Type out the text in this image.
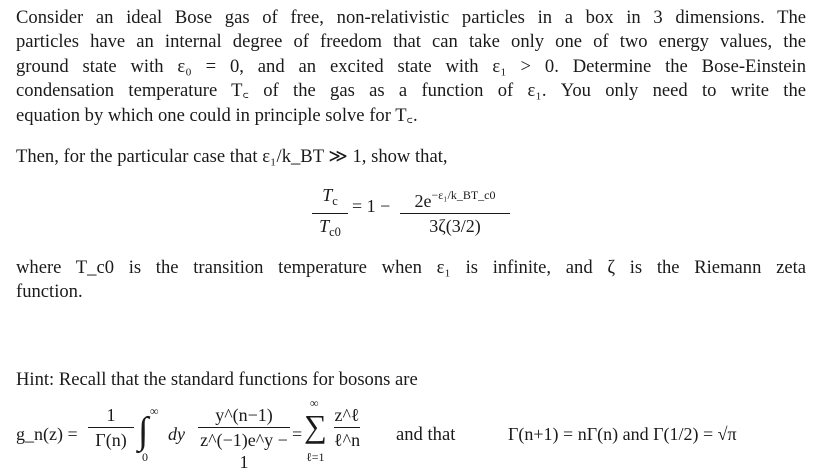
Consider an ideal Bose gas of free, non-relativistic particles in a box in 3 dimensions. The
particles have an internal degree of freedom that can take only one of two energy values, the
ground state with ε₀ = 0, and an excited state with ε₁ > 0. Determine the Bose-Einstein
condensation temperature T꜀ of the gas as a function of ε₁. You only need to write the
equation by which one could in principle solve for T꜀.
Then, for the particular case that ε₁/k_BT ≫ 1, show that,
where T_c0 is the transition temperature when ε₁ is infinite, and ζ is the Riemann zeta
function.
Hint: Recall that the standard functions for bosons are
$T_c$
$T_{c0}$
= 1 −	$2e^{-\varepsilon_1/k\_BT\_c0}$
3ζ(3/2)
g_n(z) =
1
Γ(n)
∞
∫
0
dy
y^(n−1)
z^(−1)e^y − 1
=
∞
∑
ℓ=1
z^ℓ
ℓ^n and that	Γ(n+1) = nΓ(n) and Γ(1/2) = √π
